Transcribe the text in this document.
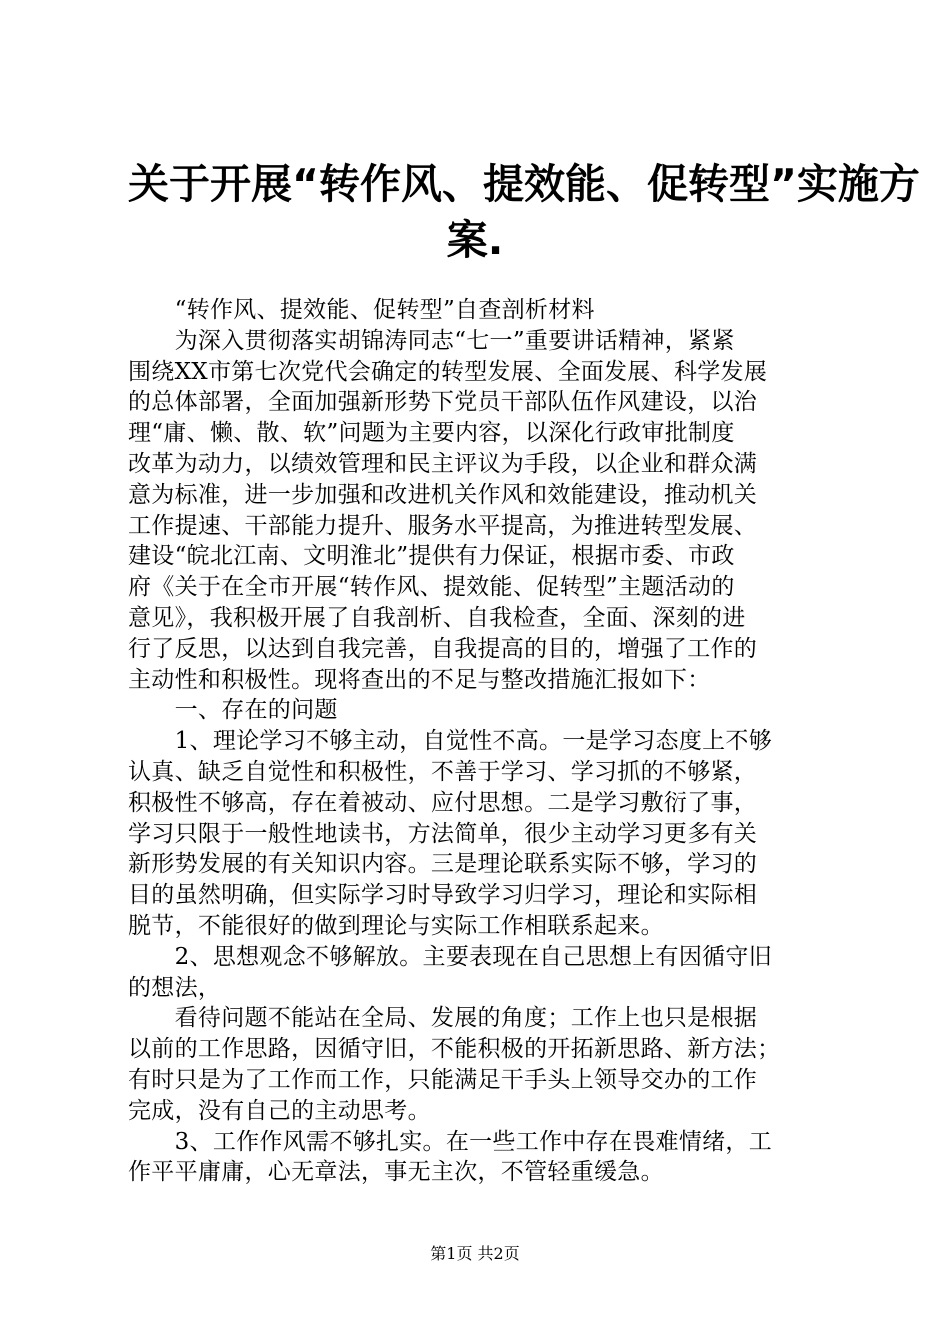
关于开展“转作风、提效能、促转型”实施方
案.
　　“转作风、提效能、促转型”自查剖析材料
　　为深入贯彻落实胡锦涛同志“七一”重要讲话精神，紧紧
围绕XX市第七次党代会确定的转型发展、全面发展、科学发展
的总体部署，全面加强新形势下党员干部队伍作风建设，以治
理“庸、懒、散、软”问题为主要内容，以深化行政审批制度
改革为动力，以绩效管理和民主评议为手段，以企业和群众满
意为标准，进一步加强和改进机关作风和效能建设，推动机关
工作提速、干部能力提升、服务水平提高，为推进转型发展、
建设“皖北江南、文明淮北”提供有力保证，根据市委、市政
府《关于在全市开展“转作风、提效能、促转型”主题活动的
意见》，我积极开展了自我剖析、自我检查，全面、深刻的进
行了反思，以达到自我完善，自我提高的目的，增强了工作的
主动性和积极性。现将查出的不足与整改措施汇报如下：
　　一、存在的问题
　　1、理论学习不够主动，自觉性不高。一是学习态度上不够
认真、缺乏自觉性和积极性，不善于学习、学习抓的不够紧，
积极性不够高，存在着被动、应付思想。二是学习敷衍了事，
学习只限于一般性地读书，方法简单，很少主动学习更多有关
新形势发展的有关知识内容。三是理论联系实际不够，学习的
目的虽然明确，但实际学习时导致学习归学习，理论和实际相
脱节，不能很好的做到理论与实际工作相联系起来。
　　2、思想观念不够解放。主要表现在自己思想上有因循守旧
的想法，
　　看待问题不能站在全局、发展的角度；工作上也只是根据
以前的工作思路，因循守旧，不能积极的开拓新思路、新方法；
有时只是为了工作而工作，只能满足干手头上领导交办的工作
完成，没有自己的主动思考。
　　3、工作作风需不够扎实。在一些工作中存在畏难情绪，工
作平平庸庸，心无章法，事无主次，不管轻重缓急。
第1页 共2页
